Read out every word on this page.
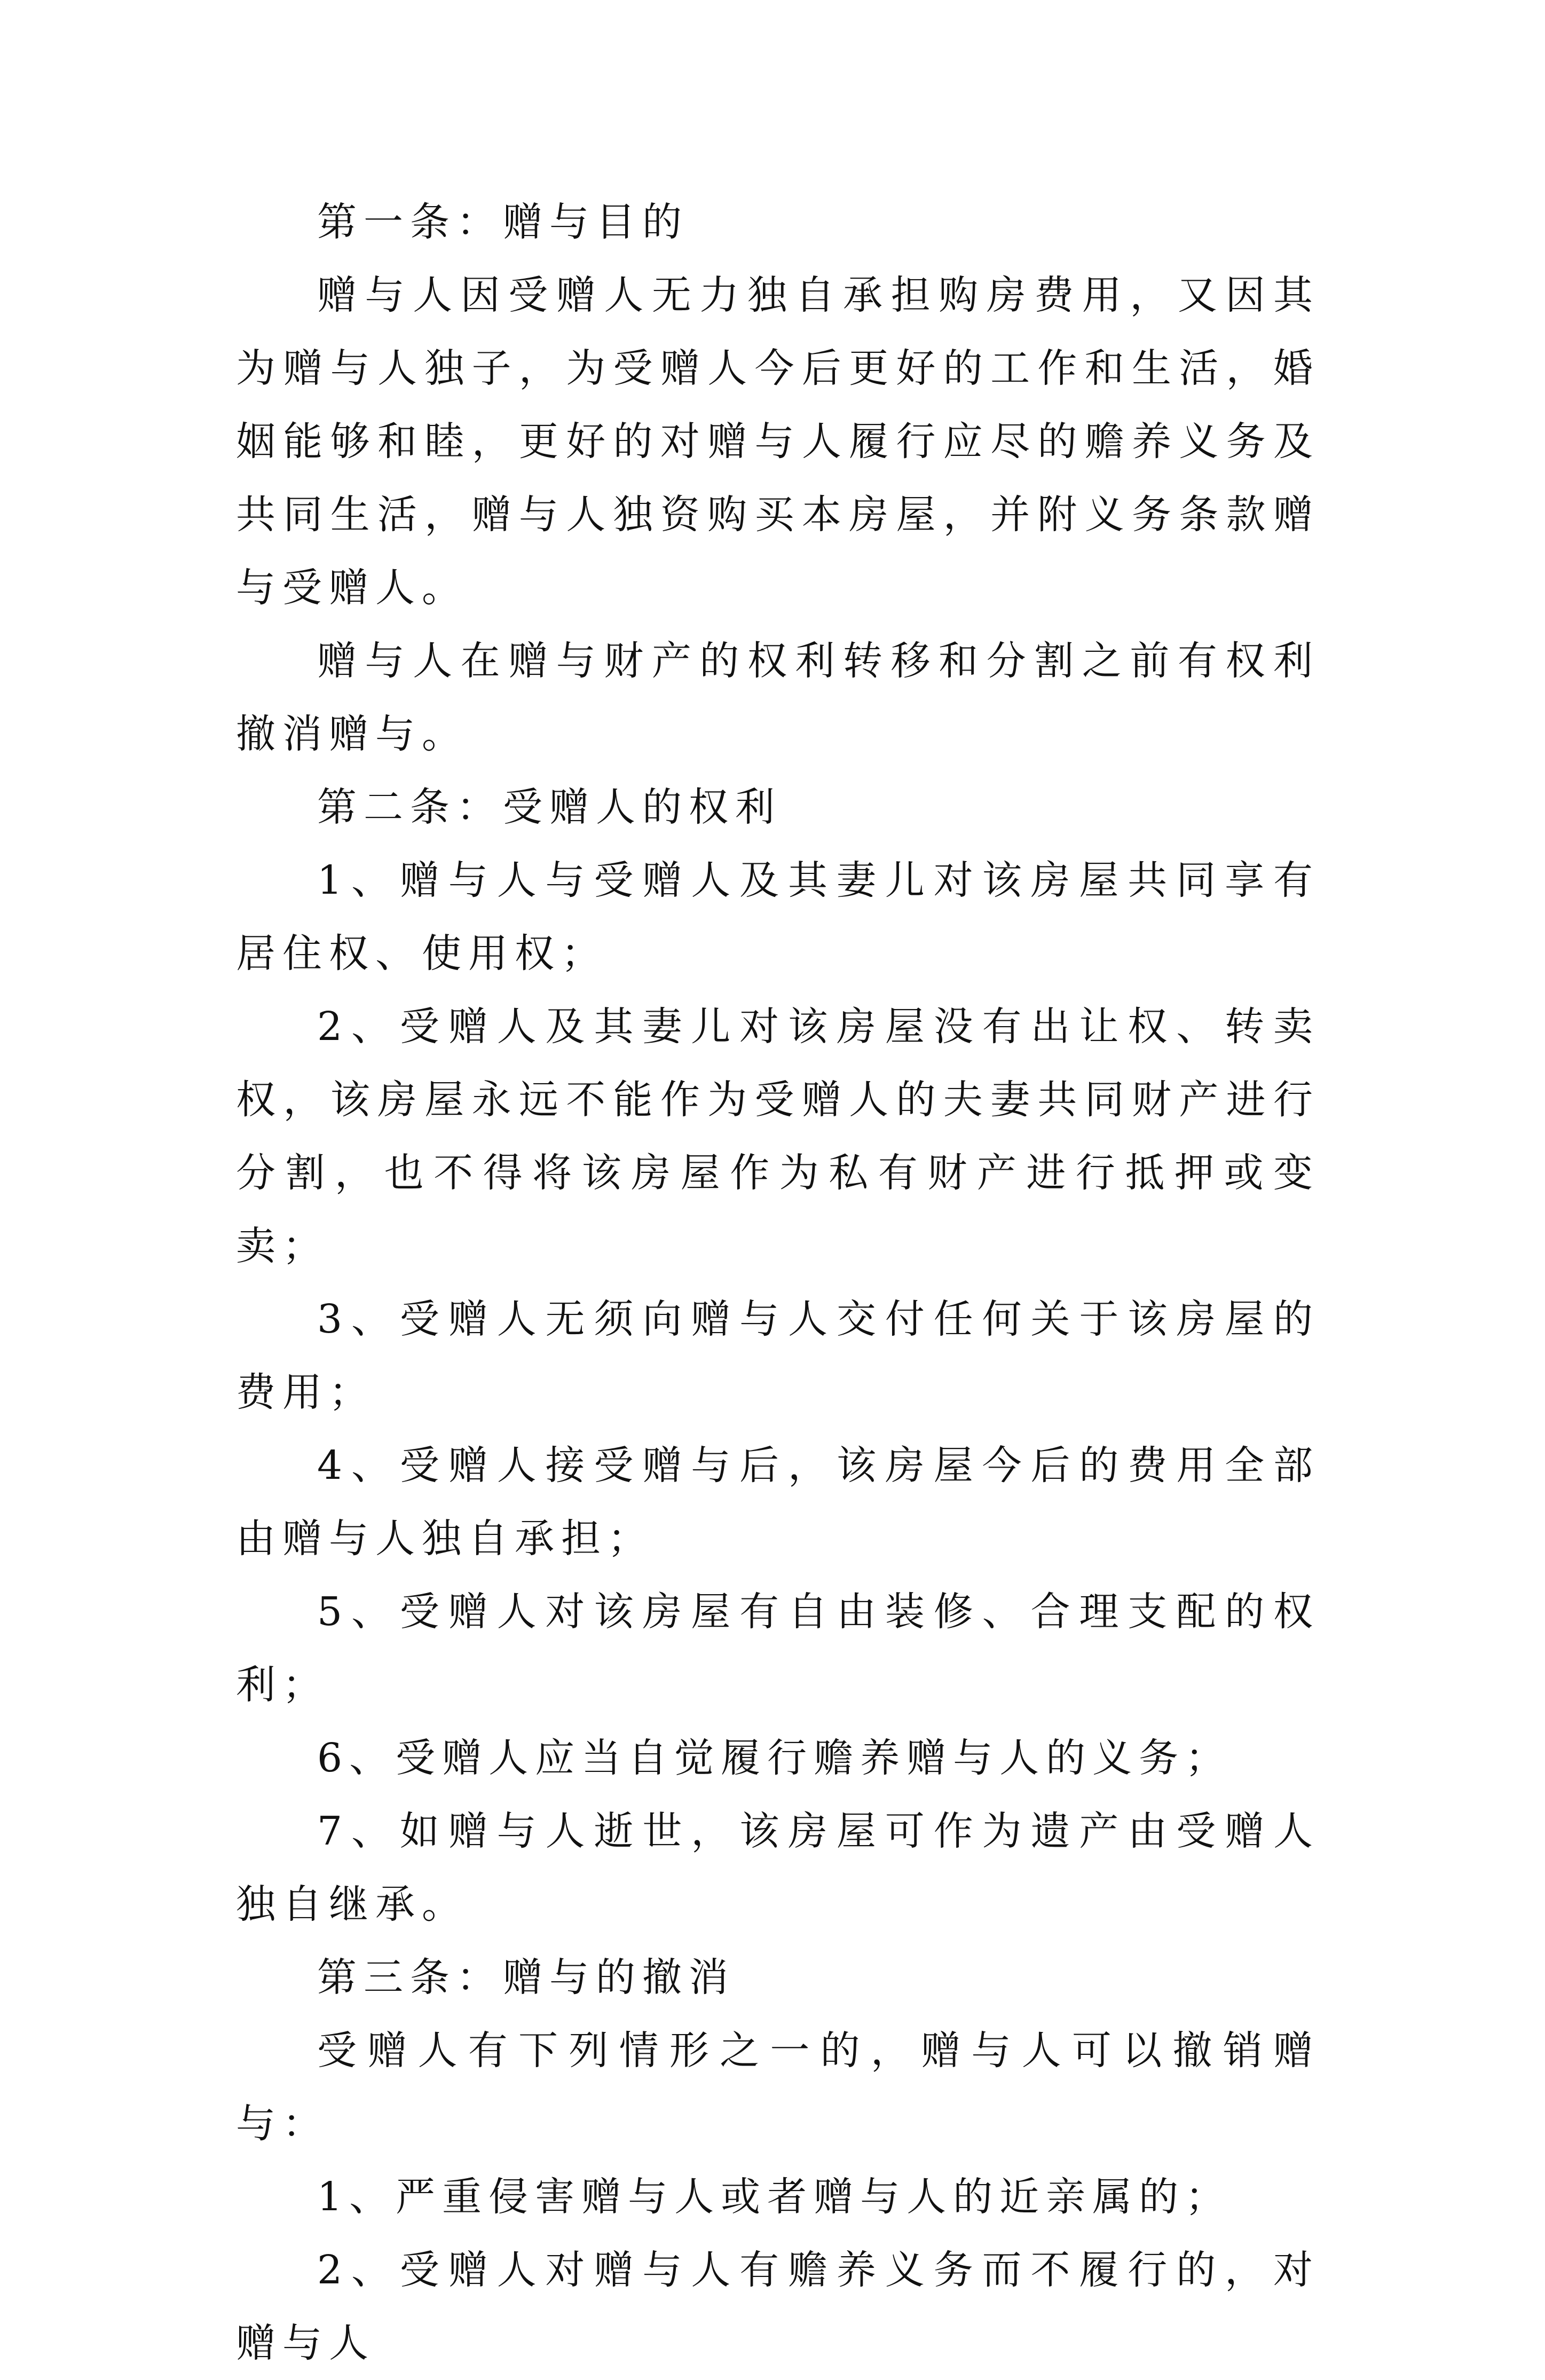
第一条：赠与目的

赠与人因受赠人无力独自承担购房费用，又因其为赠与人独子，为受赠人今后更好的工作和生活，婚姻能够和睦，更好的对赠与人履行应尽的赡养义务及共同生活，赠与人独资购买本房屋，并附义务条款赠与受赠人。

赠与人在赠与财产的权利转移和分割之前有权利撤消赠与。

第二条：受赠人的权利

1、赠与人与受赠人及其妻儿对该房屋共同享有居住权、使用权；

2、受赠人及其妻儿对该房屋没有出让权、转卖权，该房屋永远不能作为受赠人的夫妻共同财产进行分割，也不得将该房屋作为私有财产进行抵押或变卖；

3、受赠人无须向赠与人交付任何关于该房屋的费用；

4、受赠人接受赠与后，该房屋今后的费用全部由赠与人独自承担；

5、受赠人对该房屋有自由装修、合理支配的权利；

6、受赠人应当自觉履行赡养赠与人的义务；

7、如赠与人逝世，该房屋可作为遗产由受赠人独自继承。

第三条：赠与的撤消

受赠人有下列情形之一的，赠与人可以撤销赠与：

1、严重侵害赠与人或者赠与人的近亲属的；

2、受赠人对赠与人有赡养义务而不履行的，对赠与人
